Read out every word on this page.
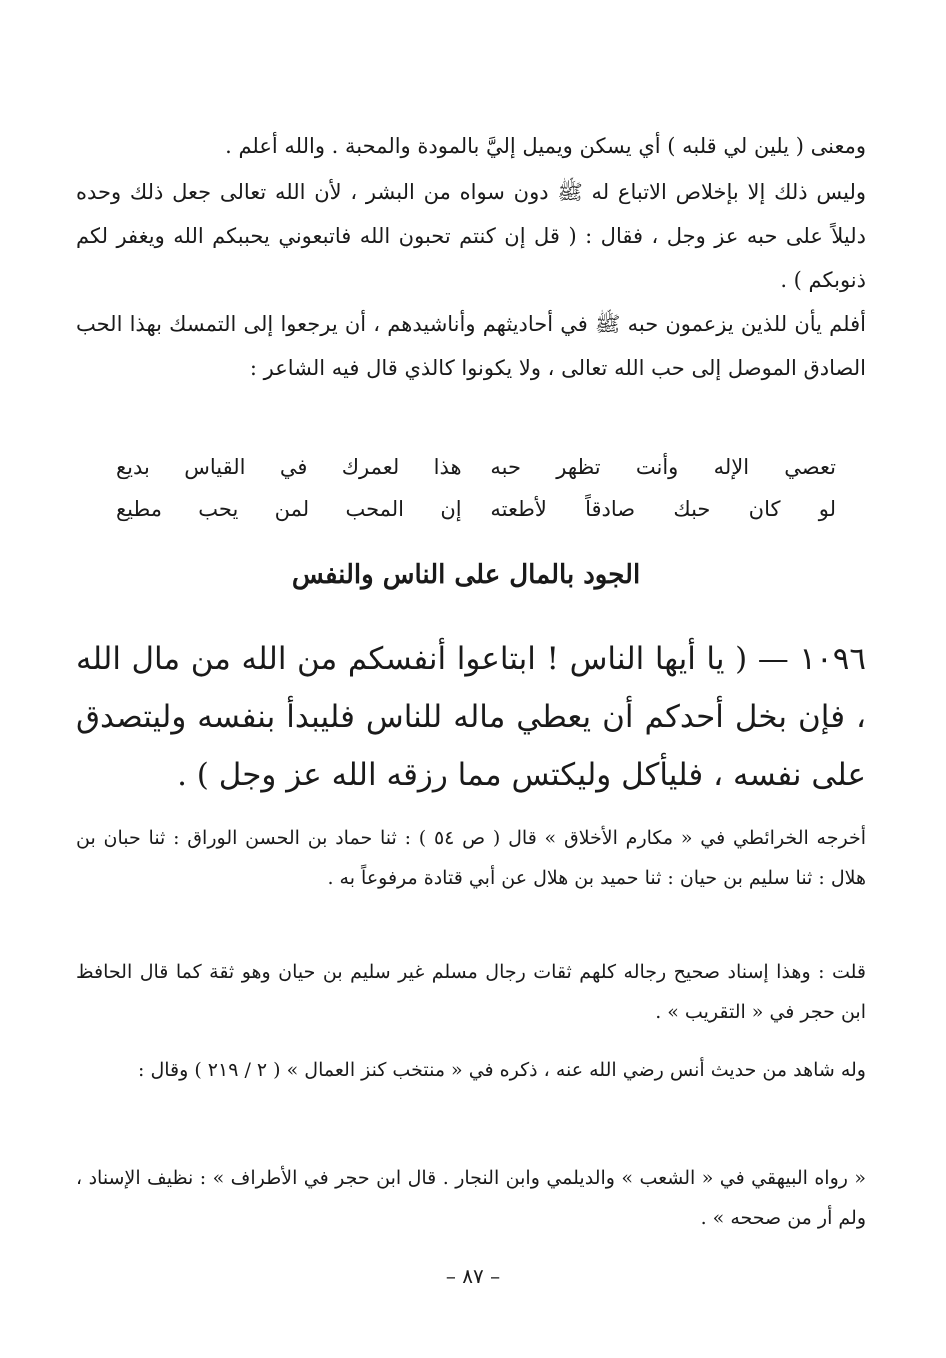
ومعنى ( يلين لي قلبه ) أي يسكن ويميل إليَّ بالمودة والمحبة . والله أعلم .
وليس ذلك إلا بإخلاص الاتباع له ﷺ دون سواه من البشر ، لأن الله تعالى جعل ذلك وحده دليلاً على حبه عز وجل ، فقال : ( قل إن كنتم تحبون الله فاتبعوني يحببكم الله ويغفر لكم ذنوبكم ) .
أفلم يأن للذين يزعمون حبه ﷺ في أحاديثهم وأناشيدهم ، أن يرجعوا إلى التمسك بهذا الحب الصادق الموصل إلى حب الله تعالى ، ولا يكونوا كالذي قال فيه الشاعر :
تعصي الإله وأنت تظهر حبه
هذا لعمرك في القياس بديع
لو كان حبك صادقاً لأطعته
إن المحب لمن يحب مطيع
الجود بالمال على الناس والنفس
١٠٩٦ — ( يا أيها الناس ! ابتاعوا أنفسكم من الله من مال الله ، فإن بخل أحدكم أن يعطي ماله للناس فليبدأ بنفسه وليتصدق على نفسه ، فليأكل وليكتس مما رزقه الله عز وجل ) .
أخرجه الخرائطي في « مكارم الأخلاق » قال ( ص ٥٤ ) : ثنا حماد بن الحسن الوراق : ثنا حبان بن هلال : ثنا سليم بن حيان : ثنا حميد بن هلال عن أبي قتادة مرفوعاً به .
قلت : وهذا إسناد صحيح رجاله كلهم ثقات رجال مسلم غير سليم بن حيان وهو ثقة كما قال الحافظ ابن حجر في « التقريب » .
وله شاهد من حديث أنس رضي الله عنه ، ذكره في « منتخب كنز العمال » ( ٢ / ٢١٩ ) وقال :
« رواه البيهقي في « الشعب » والديلمي وابن النجار . قال ابن حجر في الأطراف » : نظيف الإسناد ، ولم أر من صححه » .
– ٨٧ –
